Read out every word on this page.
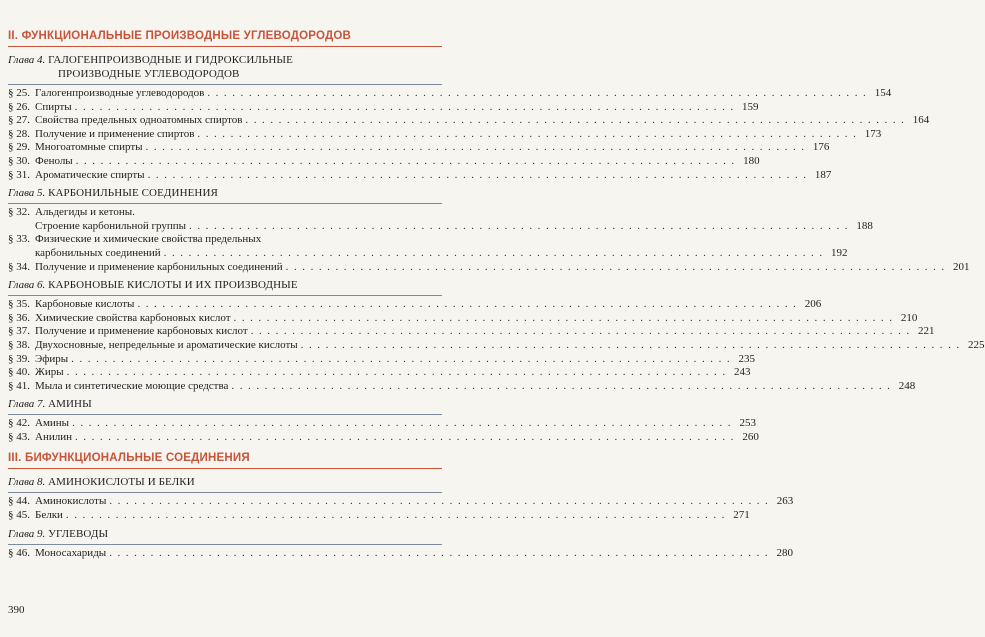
II. ФУНКЦИОНАЛЬНЫЕ ПРОИЗВОДНЫЕ УГЛЕВОДОРОДОВ
Глава 4. ГАЛОГЕНПРОИЗВОДНЫЕ И ГИДРОКСИЛЬНЫЕ
ПРОИЗВОДНЫЕ УГЛЕВОДОРОДОВ
§ 25. Галогенпроизводные углеводородов . . . . . . . . . . . . . . . . . . . . . . . . . . . . . . . . . . . . . . . . . . . . . . . . . . . . . . . . . . . . . . . . . . . . . . . . . . . . . . . . 154
§ 26. Спирты . . . . . . . . . . . . . . . . . . . . . . . . . . . . . . . . . . . . . . . . . . . . . . . . . . . . . . . . . . . . . . . . . . . . . . . . . . . . . . . . 159
§ 27. Свойства предельных одноатомных спиртов . . . . . . . . . . . . . . . . . . . . . . . . . . . . . . . . . . . . . . . . . . . . . . . . . . . . . . . . . . . . . . . . . . . . . . . . . . . . . . . . 164
§ 28. Получение и применение спиртов . . . . . . . . . . . . . . . . . . . . . . . . . . . . . . . . . . . . . . . . . . . . . . . . . . . . . . . . . . . . . . . . . . . . . . . . . . . . . . . . 173
§ 29. Многоатомные спирты . . . . . . . . . . . . . . . . . . . . . . . . . . . . . . . . . . . . . . . . . . . . . . . . . . . . . . . . . . . . . . . . . . . . . . . . . . . . . . . . 176
§ 30. Фенолы . . . . . . . . . . . . . . . . . . . . . . . . . . . . . . . . . . . . . . . . . . . . . . . . . . . . . . . . . . . . . . . . . . . . . . . . . . . . . . . . 180
§ 31. Ароматические спирты . . . . . . . . . . . . . . . . . . . . . . . . . . . . . . . . . . . . . . . . . . . . . . . . . . . . . . . . . . . . . . . . . . . . . . . . . . . . . . . . 187
Глава 5. КАРБОНИЛЬНЫЕ СОЕДИНЕНИЯ
§ 32. Альдегиды и кетоны.
Строение карбонильной группы . . . . . . . . . . . . . . . . . . . . . . . . . . . . . . . . . . . . . . . . . . . . . . . . . . . . . . . . . . . . . . . . . . . . . . . . . . . . . . . . 188
§ 33. Физические и химические свойства предельных
карбонильных соединений . . . . . . . . . . . . . . . . . . . . . . . . . . . . . . . . . . . . . . . . . . . . . . . . . . . . . . . . . . . . . . . . . . . . . . . . . . . . . . . . 192
§ 34. Получение и применение карбонильных соединений . . . . . . . . . . . . . . . . . . . . . . . . . . . . . . . . . . . . . . . . . . . . . . . . . . . . . . . . . . . . . . . . . . . . . . . . . . . . . . . . 201
Глава 6. КАРБОНОВЫЕ КИСЛОТЫ И ИХ ПРОИЗВОДНЫЕ
§ 35. Карбоновые кислоты . . . . . . . . . . . . . . . . . . . . . . . . . . . . . . . . . . . . . . . . . . . . . . . . . . . . . . . . . . . . . . . . . . . . . . . . . . . . . . . . 206
§ 36. Химические свойства карбоновых кислот . . . . . . . . . . . . . . . . . . . . . . . . . . . . . . . . . . . . . . . . . . . . . . . . . . . . . . . . . . . . . . . . . . . . . . . . . . . . . . . . 210
§ 37. Получение и применение карбоновых кислот . . . . . . . . . . . . . . . . . . . . . . . . . . . . . . . . . . . . . . . . . . . . . . . . . . . . . . . . . . . . . . . . . . . . . . . . . . . . . . . . 221
§ 38. Двухосновные, непредельные и ароматические кислоты . . . . . . . . . . . . . . . . . . . . . . . . . . . . . . . . . . . . . . . . . . . . . . . . . . . . . . . . . . . . . . . . . . . . . . . . . . . . . . . . 225
§ 39. Эфиры . . . . . . . . . . . . . . . . . . . . . . . . . . . . . . . . . . . . . . . . . . . . . . . . . . . . . . . . . . . . . . . . . . . . . . . . . . . . . . . . 235
§ 40. Жиры . . . . . . . . . . . . . . . . . . . . . . . . . . . . . . . . . . . . . . . . . . . . . . . . . . . . . . . . . . . . . . . . . . . . . . . . . . . . . . . . 243
§ 41. Мыла и синтетические моющие средства . . . . . . . . . . . . . . . . . . . . . . . . . . . . . . . . . . . . . . . . . . . . . . . . . . . . . . . . . . . . . . . . . . . . . . . . . . . . . . . . 248
Глава 7. АМИНЫ
§ 42. Амины . . . . . . . . . . . . . . . . . . . . . . . . . . . . . . . . . . . . . . . . . . . . . . . . . . . . . . . . . . . . . . . . . . . . . . . . . . . . . . . . 253
§ 43. Анилин . . . . . . . . . . . . . . . . . . . . . . . . . . . . . . . . . . . . . . . . . . . . . . . . . . . . . . . . . . . . . . . . . . . . . . . . . . . . . . . . 260
III. БИФУНКЦИОНАЛЬНЫЕ СОЕДИНЕНИЯ
Глава 8. АМИНОКИСЛОТЫ И БЕЛКИ
§ 44. Аминокислоты . . . . . . . . . . . . . . . . . . . . . . . . . . . . . . . . . . . . . . . . . . . . . . . . . . . . . . . . . . . . . . . . . . . . . . . . . . . . . . . . 263
§ 45. Белки . . . . . . . . . . . . . . . . . . . . . . . . . . . . . . . . . . . . . . . . . . . . . . . . . . . . . . . . . . . . . . . . . . . . . . . . . . . . . . . . 271
Глава 9. УГЛЕВОДЫ
§ 46. Моносахариды . . . . . . . . . . . . . . . . . . . . . . . . . . . . . . . . . . . . . . . . . . . . . . . . . . . . . . . . . . . . . . . . . . . . . . . . . . . . . . . . 280
390
